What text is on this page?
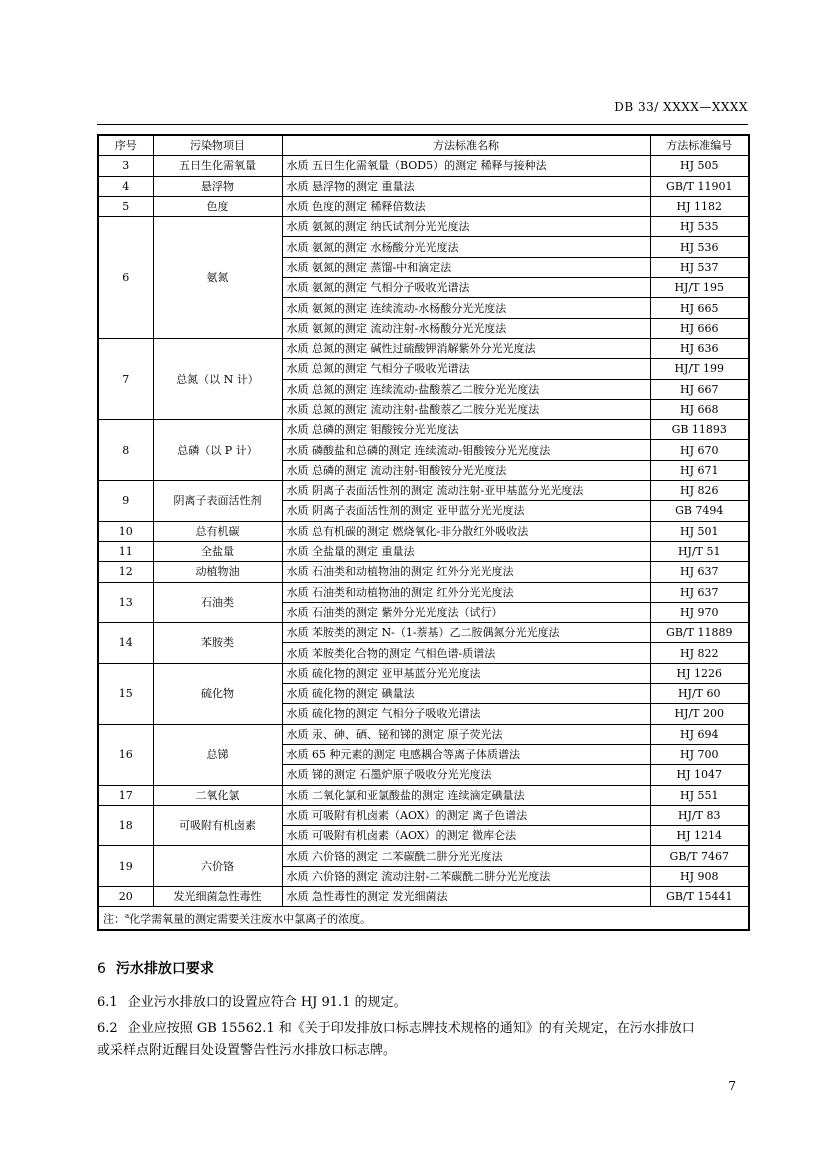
DB 33/ XXXX—XXXX
序号	污染物项目	方法标准名称	方法标准编号
3	五日生化需氧量	水质 五日生化需氧量（BOD5）的测定 稀释与接种法	HJ 505
4	悬浮物	水质 悬浮物的测定 重量法	GB/T 11901
5	色度	水质 色度的测定 稀释倍数法	HJ 1182
6	氨氮	水质 氨氮的测定 纳氏试剂分光光度法	HJ 535
		水质 氨氮的测定 水杨酸分光光度法	HJ 536
		水质 氨氮的测定 蒸馏-中和滴定法	HJ 537
		水质 氨氮的测定 气相分子吸收光谱法	HJ/T 195
		水质 氨氮的测定 连续流动-水杨酸分光光度法	HJ 665
		水质 氨氮的测定 流动注射-水杨酸分光光度法	HJ 666
7	总氮（以 N 计）	水质 总氮的测定 碱性过硫酸钾消解紫外分光光度法	HJ 636
		水质 总氮的测定 气相分子吸收光谱法	HJ/T 199
		水质 总氮的测定 连续流动-盐酸萘乙二胺分光光度法	HJ 667
		水质 总氮的测定 流动注射-盐酸萘乙二胺分光光度法	HJ 668
8	总磷（以 P 计）	水质 总磷的测定 钼酸铵分光光度法	GB 11893
		水质 磷酸盐和总磷的测定 连续流动-钼酸铵分光光度法	HJ 670
		水质 总磷的测定 流动注射-钼酸铵分光光度法	HJ 671
9	阴离子表面活性剂	水质 阴离子表面活性剂的测定 流动注射-亚甲基蓝分光光度法	HJ 826
		水质 阴离子表面活性剂的测定 亚甲蓝分光光度法	GB 7494
10	总有机碳	水质 总有机碳的测定 燃烧氧化-非分散红外吸收法	HJ 501
11	全盐量	水质 全盐量的测定 重量法	HJ/T 51
12	动植物油	水质 石油类和动植物油的测定 红外分光光度法	HJ 637
13	石油类	水质 石油类和动植物油的测定 红外分光光度法	HJ 637
		水质 石油类的测定 紫外分光光度法（试行）	HJ 970
14	苯胺类	水质 苯胺类的测定 N-（1-萘基）乙二胺偶氮分光光度法	GB/T 11889
		水质 苯胺类化合物的测定 气相色谱-质谱法	HJ 822
15	硫化物	水质 硫化物的测定 亚甲基蓝分光光度法	HJ 1226
		水质 硫化物的测定 碘量法	HJ/T 60
		水质 硫化物的测定 气相分子吸收光谱法	HJ/T 200
16	总锑	水质 汞、砷、硒、铋和锑的测定 原子荧光法	HJ 694
		水质 65 种元素的测定 电感耦合等离子体质谱法	HJ 700
		水质 锑的测定 石墨炉原子吸收分光光度法	HJ 1047
17	二氧化氯	水质 二氧化氯和亚氯酸盐的测定 连续滴定碘量法	HJ 551
18	可吸附有机卤素	水质 可吸附有机卤素（AOX）的测定 离子色谱法	HJ/T 83
		水质 可吸附有机卤素（AOX）的测定 微库仑法	HJ 1214
19	六价铬	水质 六价铬的测定 二苯碳酰二肼分光光度法	GB/T 7467
		水质 六价铬的测定 流动注射-二苯碳酰二肼分光光度法	HJ 908
20	发光细菌急性毒性	水质 急性毒性的测定 发光细菌法	GB/T 15441
注：$^a$化学需氧量的测定需要关注废水中氯离子的浓度。			
6 污水排放口要求
6.1 企业污水排放口的设置应符合 HJ 91.1 的规定。
6.2 企业应按照 GB 15562.1 和《关于印发排放口标志牌技术规格的通知》的有关规定，在污水排放口
或采样点附近醒目处设置警告性污水排放口标志牌。
7
